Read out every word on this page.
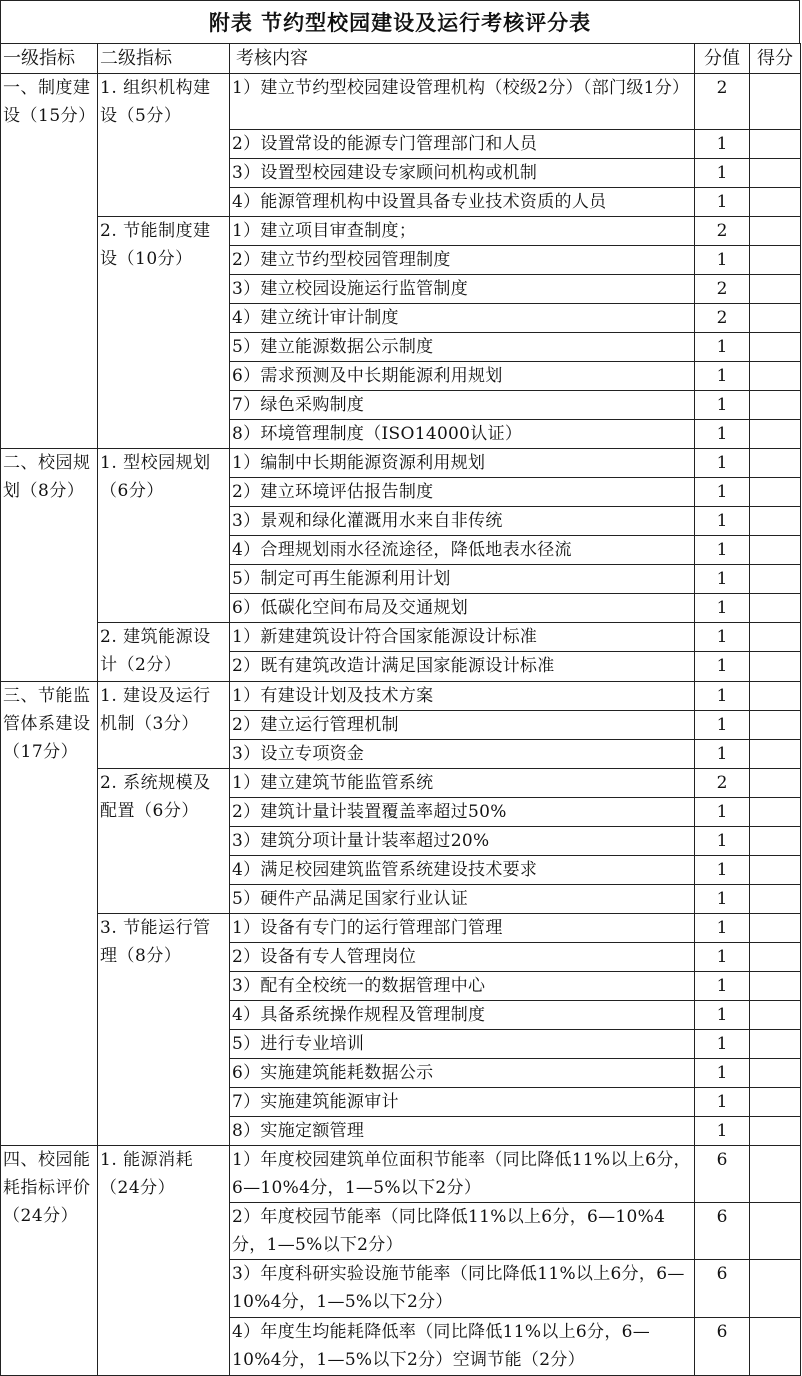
附表 节约型校园建设及运行考核评分表
一级指标	二级指标	考核内容	分值	得分
一、制度建设（15分）	1. 组织机构建设（5分）	1）建立节约型校园建设管理机构（校级2分）（部门级1分）	2	
		2）设置常设的能源专门管理部门和人员	1	
		3）设置型校园建设专家顾问机构或机制	1	
		4）能源管理机构中设置具备专业技术资质的人员	1	
	2. 节能制度建设（10分）	1）建立项目审查制度；	2	
		2）建立节约型校园管理制度	1	
		3）建立校园设施运行监管制度	2	
		4）建立统计审计制度	2	
		5）建立能源数据公示制度	1	
		6）需求预测及中长期能源利用规划	1	
		7）绿色采购制度	1	
		8）环境管理制度（ISO14000认证）	1	
二、校园规划（8分）	1. 型校园规划（6分）	1）编制中长期能源资源利用规划	1	
		2）建立环境评估报告制度	1	
		3）景观和绿化灌溉用水来自非传统	1	
		4）合理规划雨水径流途径，降低地表水径流	1	
		5）制定可再生能源利用计划	1	
		6）低碳化空间布局及交通规划	1	
	2. 建筑能源设计（2分）	1）新建建筑设计符合国家能源设计标准	1	
		2）既有建筑改造计满足国家能源设计标准	1	
三、节能监管体系建设（17分）	1. 建设及运行机制（3分）	1）有建设计划及技术方案	1	
		2）建立运行管理机制	1	
		3）设立专项资金	1	
	2. 系统规模及配置（6分）	1）建立建筑节能监管系统	2	
		2）建筑计量计装置覆盖率超过50%	1	
		3）建筑分项计量计装率超过20%	1	
		4）满足校园建筑监管系统建设技术要求	1	
		5）硬件产品满足国家行业认证	1	
	3. 节能运行管理（8分）	1）设备有专门的运行管理部门管理	1	
		2）设备有专人管理岗位	1	
		3）配有全校统一的数据管理中心	1	
		4）具备系统操作规程及管理制度	1	
		5）进行专业培训	1	
		6）实施建筑能耗数据公示	1	
		7）实施建筑能源审计	1	
		8）实施定额管理	1	
四、校园能耗指标评价（24分）	1. 能源消耗（24分）	1）年度校园建筑单位面积节能率（同比降低11%以上6分，6—10%4分，1—5%以下2分）	6	
		2）年度校园节能率（同比降低11%以上6分，6—10%4分，1—5%以下2分）	6	
		3）年度科研实验设施节能率（同比降低11%以上6分，6—10%4分，1—5%以下2分）	6	
		4）年度生均能耗降低率（同比降低11%以上6分，6—10%4分，1—5%以下2分）空调节能（2分）	6	
